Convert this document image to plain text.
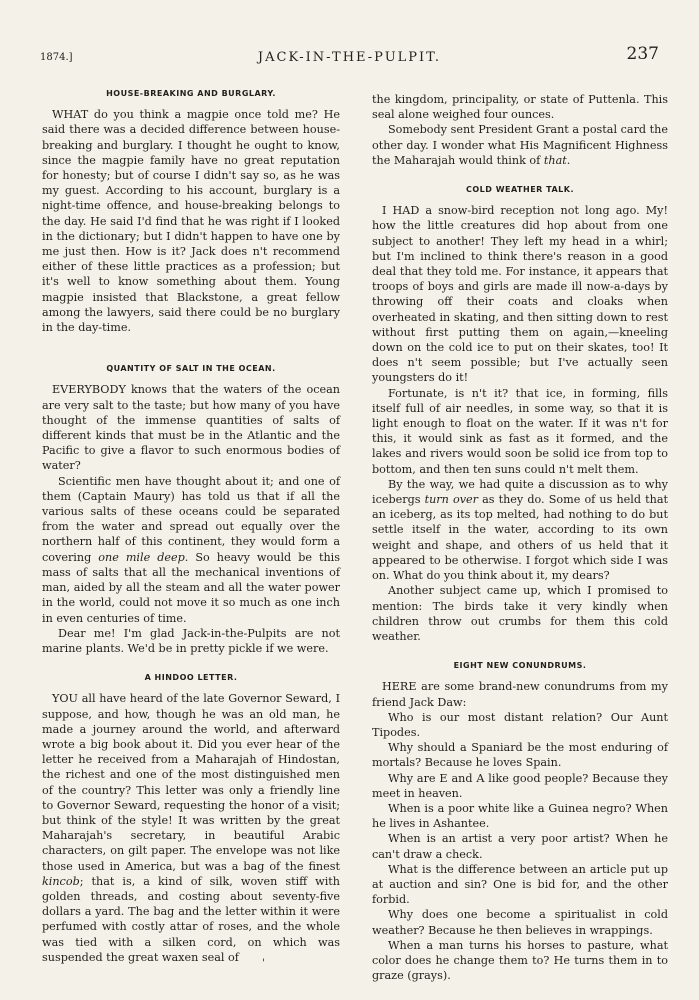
1874.]	JACK-IN-THE-PULPIT.	237
HOUSE-BREAKING AND BURGLARY.

WHAT do you think a magpie once told me? He said there was a decided difference between house-breaking and burglary. I thought he ought to know, since the magpie family have no great reputation for honesty; but of course I didn't say so, as he was my guest. According to his account, burglary is a night-time offence, and house-breaking belongs to the day. He said I'd find that he was right if I looked in the dictionary; but I didn't happen to have one by me just then. How is it? Jack does n't recommend either of these little practices as a profession; but it's well to know something about them. Young magpie insisted that Blackstone, a great fellow among the lawyers, said there could be no burglary in the day-time.

QUANTITY OF SALT IN THE OCEAN.

EVERYBODY knows that the waters of the ocean are very salt to the taste; but how many of you have thought of the immense quantities of salts of different kinds that must be in the Atlantic and the Pacific to give a flavor to such enormous bodies of water?

Scientific men have thought about it; and one of them (Captain Maury) has told us that if all the various salts of these oceans could be separated from the water and spread out equally over the northern half of this continent, they would form a covering one mile deep. So heavy would be this mass of salts that all the mechanical inventions of man, aided by all the steam and all the water power in the world, could not move it so much as one inch in even centuries of time.

Dear me! I'm glad Jack-in-the-Pulpits are not marine plants. We'd be in pretty pickle if we were.

A HINDOO LETTER.

YOU all have heard of the late Governor Seward, I suppose, and how, though he was an old man, he made a journey around the world, and afterward wrote a big book about it. Did you ever hear of the letter he received from a Maharajah of Hindostan, the richest and one of the most distinguished men of the country? This letter was only a friendly line to Governor Seward, requesting the honor of a visit; but think of the style! It was written by the great Maharajah's secretary, in beautiful Arabic characters, on gilt paper. The envelope was not like those used in America, but was a bag of the finest kincob; that is, a kind of silk, woven stiff with golden threads, and costing about seventy-five dollars a yard. The bag and the letter within it were perfumed with costly attar of roses, and the whole was tied with a silken cord, on which was suspended the great waxen seal of

the kingdom, principality, or state of Puttenla. This seal alone weighed four ounces.

Somebody sent President Grant a postal card the other day. I wonder what His Magnificent Highness the Maharajah would think of that.

COLD WEATHER TALK.

I HAD a snow-bird reception not long ago. My! how the little creatures did hop about from one subject to another! They left my head in a whirl; but I'm inclined to think there's reason in a good deal that they told me. For instance, it appears that troops of boys and girls are made ill now-a-days by throwing off their coats and cloaks when overheated in skating, and then sitting down to rest without first putting them on again,—kneeling down on the cold ice to put on their skates, too! It does n't seem possible; but I've actually seen youngsters do it!

Fortunate, is n't it? that ice, in forming, fills itself full of air needles, in some way, so that it is light enough to float on the water. If it was n't for this, it would sink as fast as it formed, and the lakes and rivers would soon be solid ice from top to bottom, and then ten suns could n't melt them.

By the way, we had quite a discussion as to why icebergs turn over as they do. Some of us held that an iceberg, as its top melted, had nothing to do but settle itself in the water, according to its own weight and shape, and others of us held that it appeared to be otherwise. I forgot which side I was on. What do you think about it, my dears?

Another subject came up, which I promised to mention: The birds take it very kindly when children throw out crumbs for them this cold weather.

EIGHT NEW CONUNDRUMS.

HERE are some brand-new conundrums from my friend Jack Daw:

Who is our most distant relation? Our Aunt Tipodes.

Why should a Spaniard be the most enduring of mortals? Because he loves Spain.

Why are E and A like good people? Because they meet in heaven.

When is a poor white like a Guinea negro? When he lives in Ashantee.

When is an artist a very poor artist? When he can't draw a check.

What is the difference between an article put up at auction and sin? One is bid for, and the other forbid.

Why does one become a spiritualist in cold weather? Because he then believes in wrappings.

When a man turns his horses to pasture, what color does he change them to? He turns them in to graze (grays).

'
